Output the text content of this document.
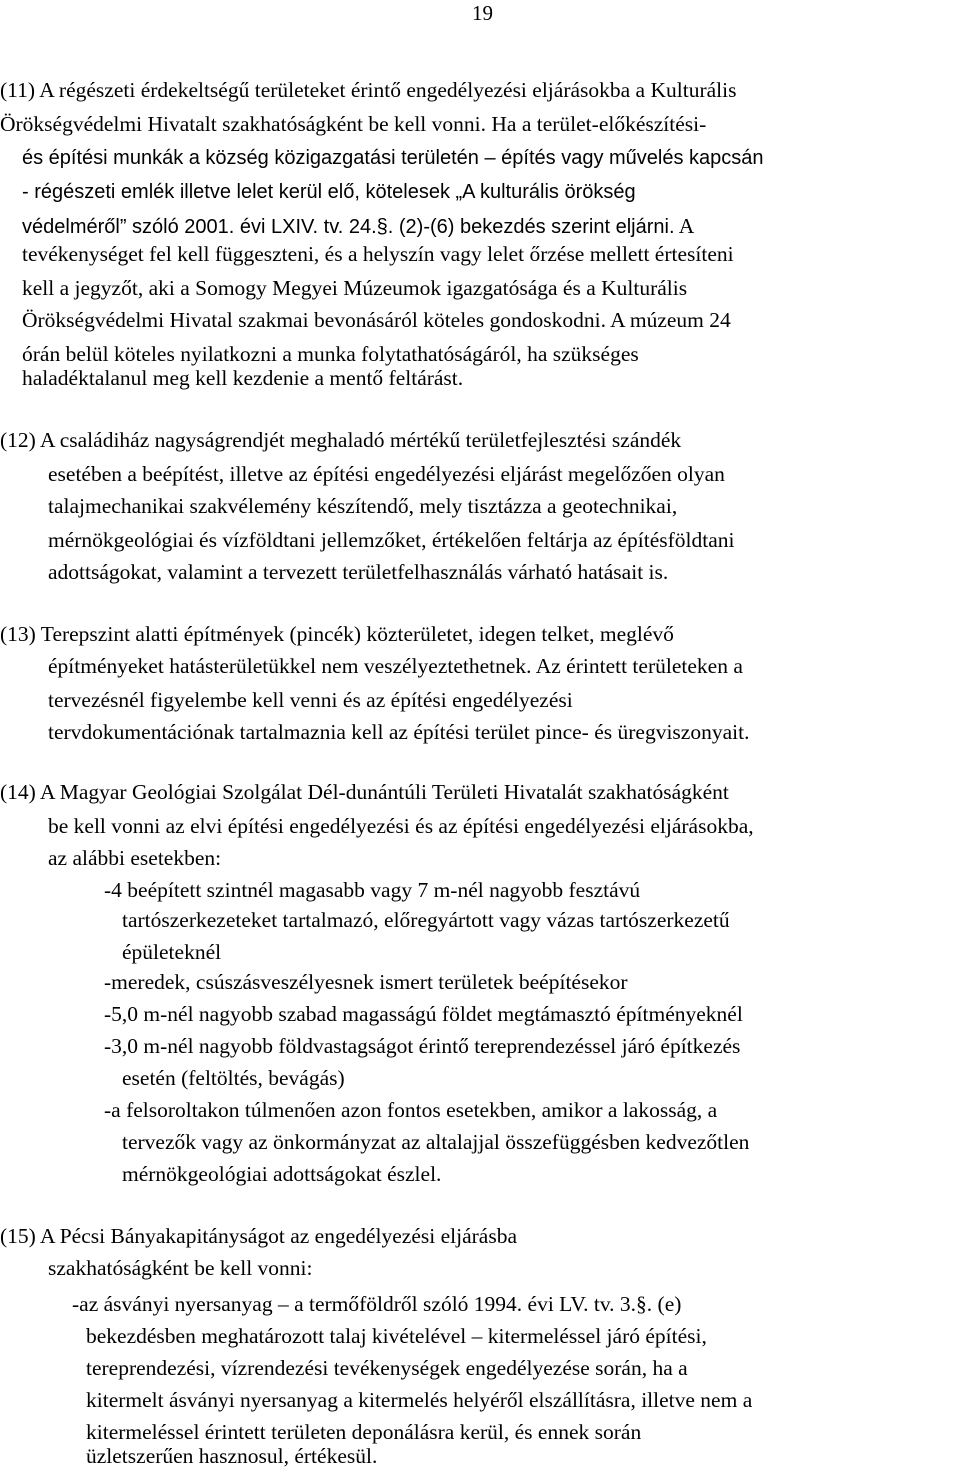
19
(11) A régészeti érdekeltségű területeket érintő engedélyezési eljárásokba a Kulturális
Örökségvédelmi Hivatalt szakhatóságként be kell vonni. Ha a terület-előkészítési-
és építési munkák a község közigazgatási területén – építés vagy művelés kapcsán
- régészeti emlék illetve lelet kerül elő, kötelesek „A kulturális örökség
védelméről” szóló 2001. évi LXIV. tv. 24.§. (2)-(6) bekezdés szerint eljárni. A
tevékenységet fel kell függeszteni, és a helyszín vagy lelet őrzése mellett értesíteni
kell a jegyzőt, aki a Somogy Megyei Múzeumok igazgatósága és a Kulturális
Örökségvédelmi Hivatal szakmai bevonásáról köteles gondoskodni. A múzeum 24
órán belül köteles nyilatkozni a munka folytathatóságáról, ha szükséges
haladéktalanul meg kell kezdenie a mentő feltárást.
(12) A családiház nagyságrendjét meghaladó mértékű területfejlesztési szándék
esetében a beépítést, illetve az építési engedélyezési eljárást megelőzően olyan
talajmechanikai szakvélemény készítendő, mely tisztázza a geotechnikai,
mérnökgeológiai és vízföldtani jellemzőket, értékelően feltárja az építésföldtani
adottságokat, valamint a tervezett területfelhasználás várható hatásait is.
(13) Terepszint alatti építmények (pincék) közterületet, idegen telket, meglévő
építményeket hatásterületükkel nem veszélyeztethetnek. Az érintett területeken a
tervezésnél figyelembe kell venni és az építési engedélyezési
tervdokumentációnak tartalmaznia kell az építési terület pince- és üregviszonyait.
(14) A Magyar Geológiai Szolgálat Dél-dunántúli Területi Hivatalát szakhatóságként
be kell vonni az elvi építési engedélyezési és az építési engedélyezési eljárásokba,
az alábbi esetekben:
-4 beépített szintnél magasabb vagy 7 m-nél nagyobb fesztávú
tartószerkezeteket tartalmazó, előregyártott vagy vázas tartószerkezetű
épületeknél
-meredek, csúszásveszélyesnek ismert területek beépítésekor
-5,0 m-nél nagyobb szabad magasságú földet megtámasztó építményeknél
-3,0 m-nél nagyobb földvastagságot érintő tereprendezéssel járó építkezés
esetén (feltöltés, bevágás)
-a felsoroltakon túlmenően azon fontos esetekben, amikor a lakosság, a
tervezők vagy az önkormányzat az altalajjal összefüggésben kedvezőtlen
mérnökgeológiai adottságokat észlel.
(15) A Pécsi Bányakapitányságot az engedélyezési eljárásba
szakhatóságként be kell vonni:
-az ásványi nyersanyag – a termőföldről szóló 1994. évi LV. tv. 3.§. (e)
bekezdésben meghatározott talaj kivételével – kitermeléssel járó építési,
tereprendezési, vízrendezési tevékenységek engedélyezése során, ha a
kitermelt ásványi nyersanyag a kitermelés helyéről elszállításra, illetve nem a
kitermeléssel érintett területen deponálásra kerül, és ennek során
üzletszerűen hasznosul, értékesül.
